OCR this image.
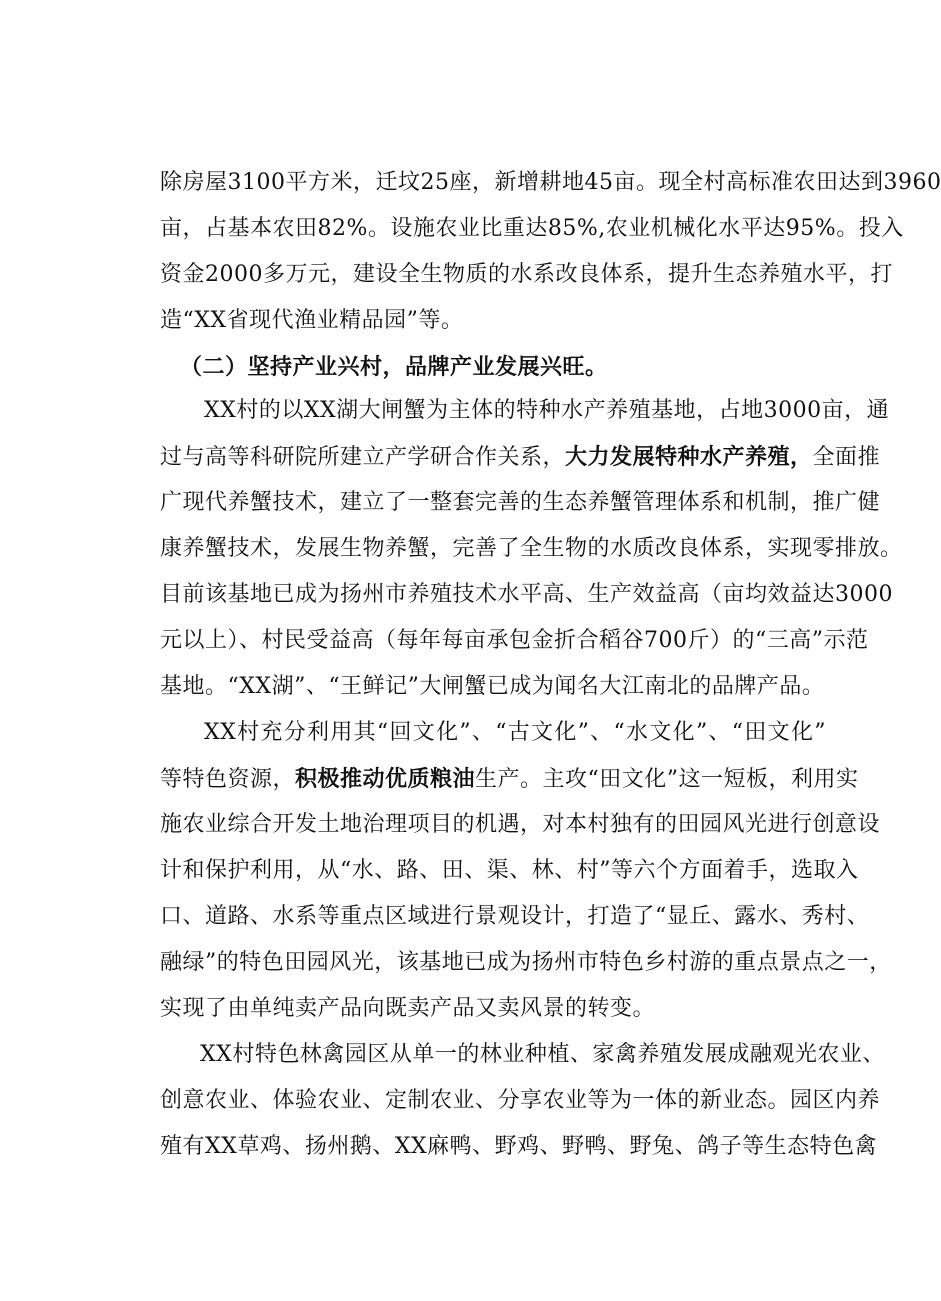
除房屋3100平方米，迁坟25座，新增耕地45亩。现全村高标准农田达到3960
亩，占基本农田82%。设施农业比重达85%,农业机械化水平达95%。投入
资金2000多万元，建设全生物质的水系改良体系，提升生态养殖水平，打
造“XX省现代渔业精品园”等。
（二）坚持产业兴村，品牌产业发展兴旺。
XX村的以XX湖大闸蟹为主体的特种水产养殖基地，占地3000亩，通
过与高等科研院所建立产学研合作关系，大力发展特种水产养殖，全面推
广现代养蟹技术，建立了一整套完善的生态养蟹管理体系和机制，推广健
康养蟹技术，发展生物养蟹，完善了全生物的水质改良体系，实现零排放。
目前该基地已成为扬州市养殖技术水平高、生产效益高（亩均效益达3000
元以上）、村民受益高（每年每亩承包金折合稻谷700斤）的“三高”示范
基地。“XX湖”、“王鲜记”大闸蟹已成为闻名大江南北的品牌产品。
XX村充分利用其“回文化”、“古文化”、“水文化”、“田文化”
等特色资源，积极推动优质粮油生产。主攻“田文化”这一短板，利用实
施农业综合开发土地治理项目的机遇，对本村独有的田园风光进行创意设
计和保护利用，从“水、路、田、渠、林、村”等六个方面着手，选取入
口、道路、水系等重点区域进行景观设计，打造了“显丘、露水、秀村、
融绿”的特色田园风光，该基地已成为扬州市特色乡村游的重点景点之一，
实现了由单纯卖产品向既卖产品又卖风景的转变。
XX村特色林禽园区从单一的林业种植、家禽养殖发展成融观光农业、
创意农业、体验农业、定制农业、分享农业等为一体的新业态。园区内养
殖有XX草鸡、扬州鹅、XX麻鸭、野鸡、野鸭、野兔、鸽子等生态特色禽
